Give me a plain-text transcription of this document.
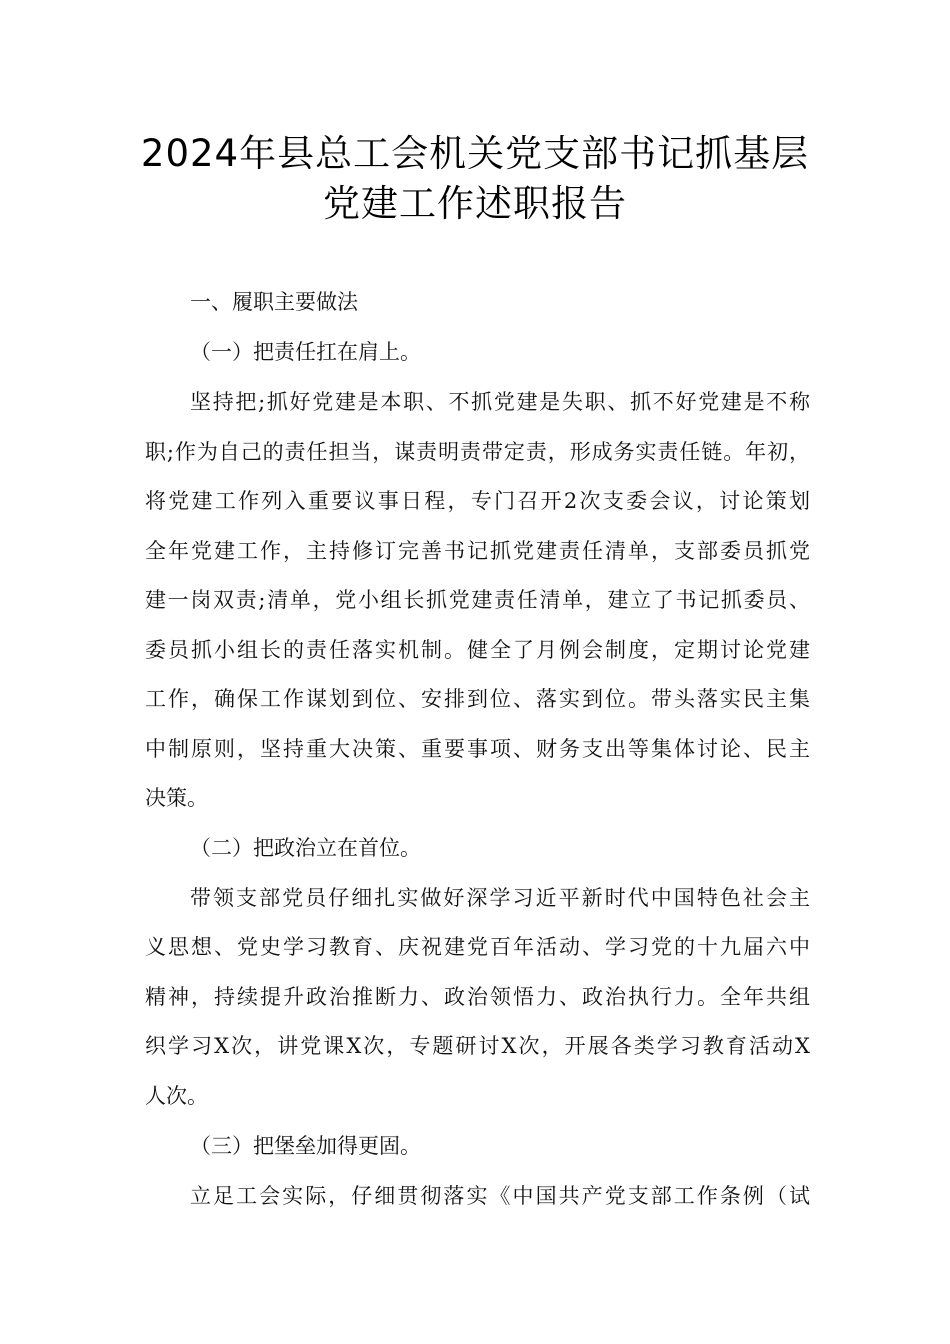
2024年县总工会机关党支部书记抓基层
党建工作述职报告
一、履职主要做法
（一）把责任扛在肩上。
坚持把;抓好党建是本职、不抓党建是失职、抓不好党建是不称
职;作为自己的责任担当，谋责明责带定责，形成务实责任链。年初，
将党建工作列入重要议事日程，专门召开2次支委会议，讨论策划
全年党建工作，主持修订完善书记抓党建责任清单，支部委员抓党
建一岗双责;清单，党小组长抓党建责任清单，建立了书记抓委员、
委员抓小组长的责任落实机制。健全了月例会制度，定期讨论党建
工作，确保工作谋划到位、安排到位、落实到位。带头落实民主集
中制原则，坚持重大决策、重要事项、财务支出等集体讨论、民主
决策。
（二）把政治立在首位。
带领支部党员仔细扎实做好深学习近平新时代中国特色社会主
义思想、党史学习教育、庆祝建党百年活动、学习党的十九届六中
精神，持续提升政治推断力、政治领悟力、政治执行力。全年共组
织学习X次，讲党课X次，专题研讨X次，开展各类学习教育活动X
人次。
（三）把堡垒加得更固。
立足工会实际，仔细贯彻落实《中国共产党支部工作条例（试
